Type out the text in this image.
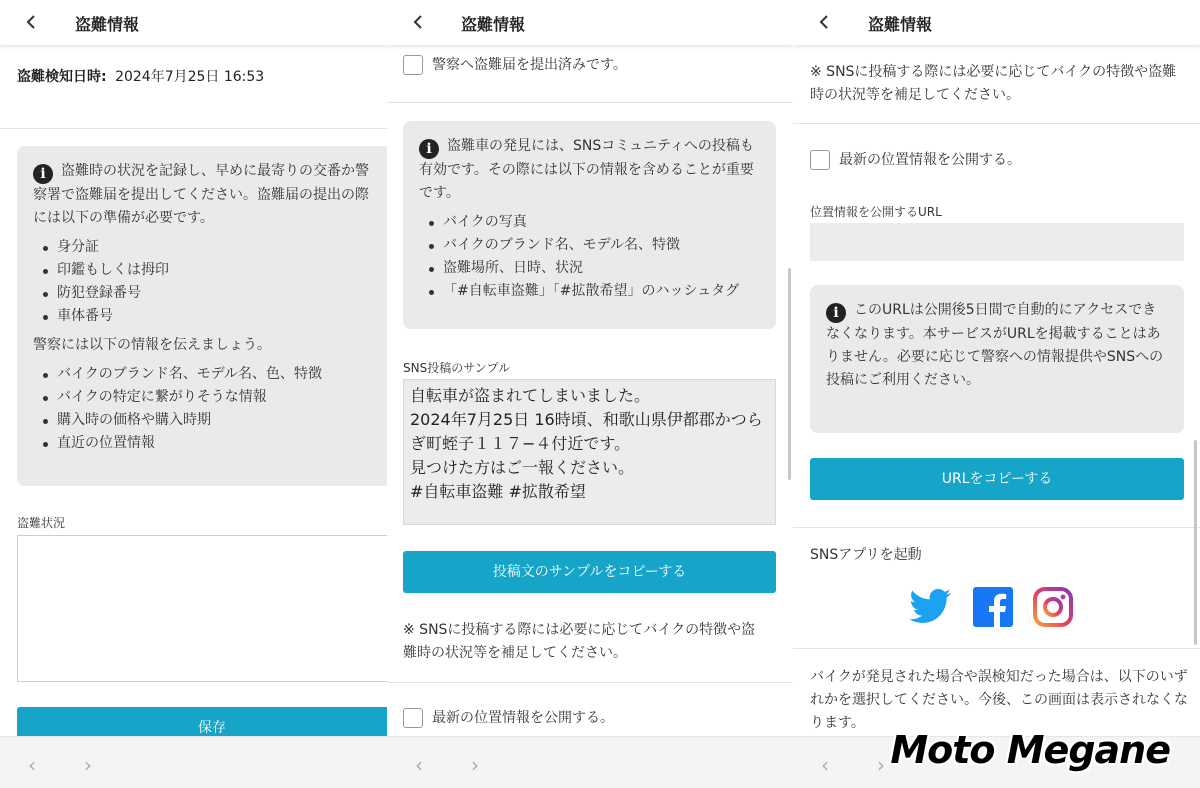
盗難情報
盗難検知日時: 2024年7月25日 16:53
i 盗難時の状況を記録し、早めに最寄りの交番か警察署で盗難届を提出してください。盗難届の提出の際には以下の準備が必要です。
身分証
印鑑もしくは拇印
防犯登録番号
車体番号
警察には以下の情報を伝えましょう。
バイクのブランド名、モデル名、色、特徴
バイクの特定に繋がりそうな情報
購入時の価格や購入時期
直近の位置情報
盗難状況
保存
‹ ›
盗難情報
警察へ盗難届を提出済みです。
i 盗難車の発見には、SNSコミュニティへの投稿も有効です。その際には以下の情報を含めることが重要です。
バイクの写真
バイクのブランド名、モデル名、特徴
盗難場所、日時、状況
「#自転車盗難」「#拡散希望」のハッシュタグ
SNS投稿のサンプル
自転車が盗まれてしまいました。
2024年7月25日 16時頃、和歌山県伊都郡かつら
ぎ町蛭子１１７−４付近です。
見つけた方はご一報ください。
#自転車盗難 #拡散希望
投稿文のサンプルをコピーする
※ SNSに投稿する際には必要に応じてバイクの特徴や盗難時の状況等を補足してください。
最新の位置情報を公開する。
‹ ›
盗難情報
※ SNSに投稿する際には必要に応じてバイクの特徴や盗難時の状況等を補足してください。
最新の位置情報を公開する。
位置情報を公開するURL
i このURLは公開後5日間で自動的にアクセスできなくなります。本サービスがURLを掲載することはありません。必要に応じて警察への情報提供やSNSへの投稿にご利用ください。
URLをコピーする
SNSアプリを起動
バイクが発見された場合や誤検知だった場合は、以下のいずれかを選択してください。今後、この画面は表示されなくなります。
‹ › Moto Megane
